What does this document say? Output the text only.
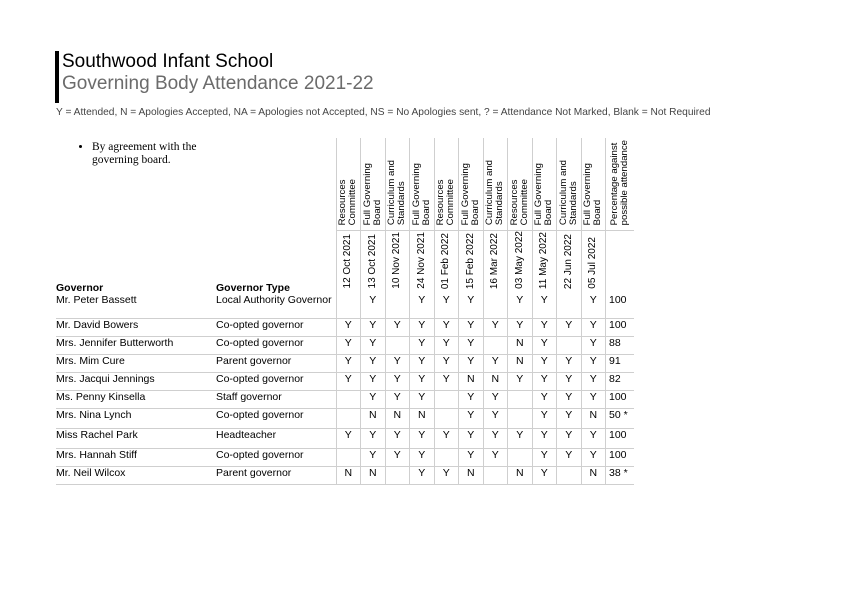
Southwood Infant School
Governing Body Attendance 2021-22
Y = Attended, N = Apologies Accepted, NA = Apologies not Accepted, NS = No Apologies sent, ? = Attendance Not Marked, Blank = Not Required
		Resources
Committee	Full Governing
Board	Curriculum and
Standards	Full Governing
Board	Resources
Committee	Full Governing
Board	Curriculum and
Standards	Resources
Committee	Full Governing
Board	Curriculum and
Standards	Full Governing
Board	Percentage against
possible attendance
Governor	Governor Type	12 Oct 2021	13 Oct 2021	10 Nov 2021	24 Nov 2021	01 Feb 2022	15 Feb 2022	16 Mar 2022	03 May 2022	11 May 2022	22 Jun 2022	05 Jul 2022	
Mr. Peter Bassett	Local Authority Governor		Y		Y	Y	Y		Y	Y		Y	100
Mr. David Bowers	Co-opted governor	Y	Y	Y	Y	Y	Y	Y	Y	Y	Y	Y	100
Mrs. Jennifer Butterworth	Co-opted governor	Y	Y		Y	Y	Y		N	Y		Y	88
Mrs. Mim Cure	Parent governor	Y	Y	Y	Y	Y	Y	Y	N	Y	Y	Y	91
Mrs. Jacqui Jennings	Co-opted governor	Y	Y	Y	Y	Y	N	N	Y	Y	Y	Y	82
Ms. Penny Kinsella	Staff governor		Y	Y	Y		Y	Y		Y	Y	Y	100
Mrs. Nina Lynch	Co-opted governor		N	N	N		Y	Y		Y	Y	N	50 *
Miss Rachel Park	Headteacher	Y	Y	Y	Y	Y	Y	Y	Y	Y	Y	Y	100
Mrs. Hannah Stiff	Co-opted governor		Y	Y	Y		Y	Y		Y	Y	Y	100
Mr. Neil Wilcox	Parent governor	N	N		Y	Y	N		N	Y		N	38 *
• By agreement with the governing board.
